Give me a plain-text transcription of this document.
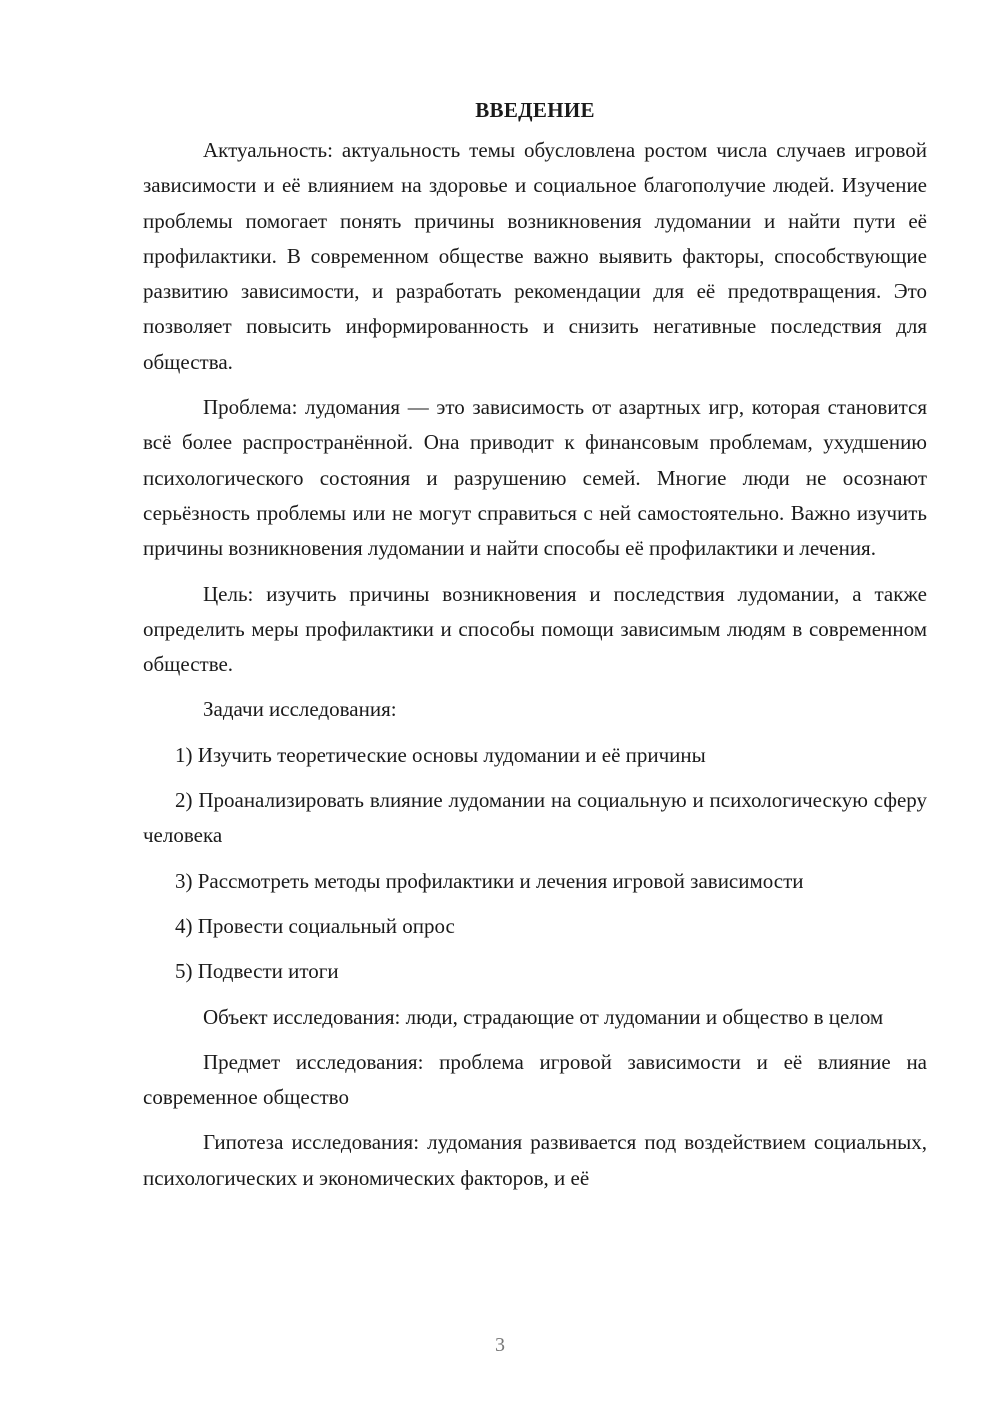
ВВЕДЕНИЕ

Актуальность: актуальность темы обусловлена ростом числа случаев игровой зависимости и её влиянием на здоровье и социальное благополучие людей. Изучение проблемы помогает понять причины возникновения лудомании и найти пути её профилактики. В современном обществе важно выявить факторы, способствующие развитию зависимости, и разработать рекомендации для её предотвращения. Это позволяет повысить информированность и снизить негативные последствия для общества.

Проблема: лудомания — это зависимость от азартных игр, которая становится всё более распространённой. Она приводит к финансовым проблемам, ухудшению психологического состояния и разрушению семей. Многие люди не осознают серьёзность проблемы или не могут справиться с ней самостоятельно. Важно изучить причины возникновения лудомании и найти способы её профилактики и лечения.

Цель: изучить причины возникновения и последствия лудомании, а также определить меры профилактики и способы помощи зависимым людям в современном обществе.

Задачи исследования:

1) Изучить теоретические основы лудомании и её причины

2) Проанализировать влияние лудомании на социальную и психологическую сферу человека

3) Рассмотреть методы профилактики и лечения игровой зависимости

4) Провести социальный опрос

5) Подвести итоги

Объект исследования: люди, страдающие от лудомании и общество в целом

Предмет исследования: проблема игровой зависимости и её влияние на современное общество

Гипотеза исследования: лудомания развивается под воздействием социальных, психологических и экономических факторов, и её

3
